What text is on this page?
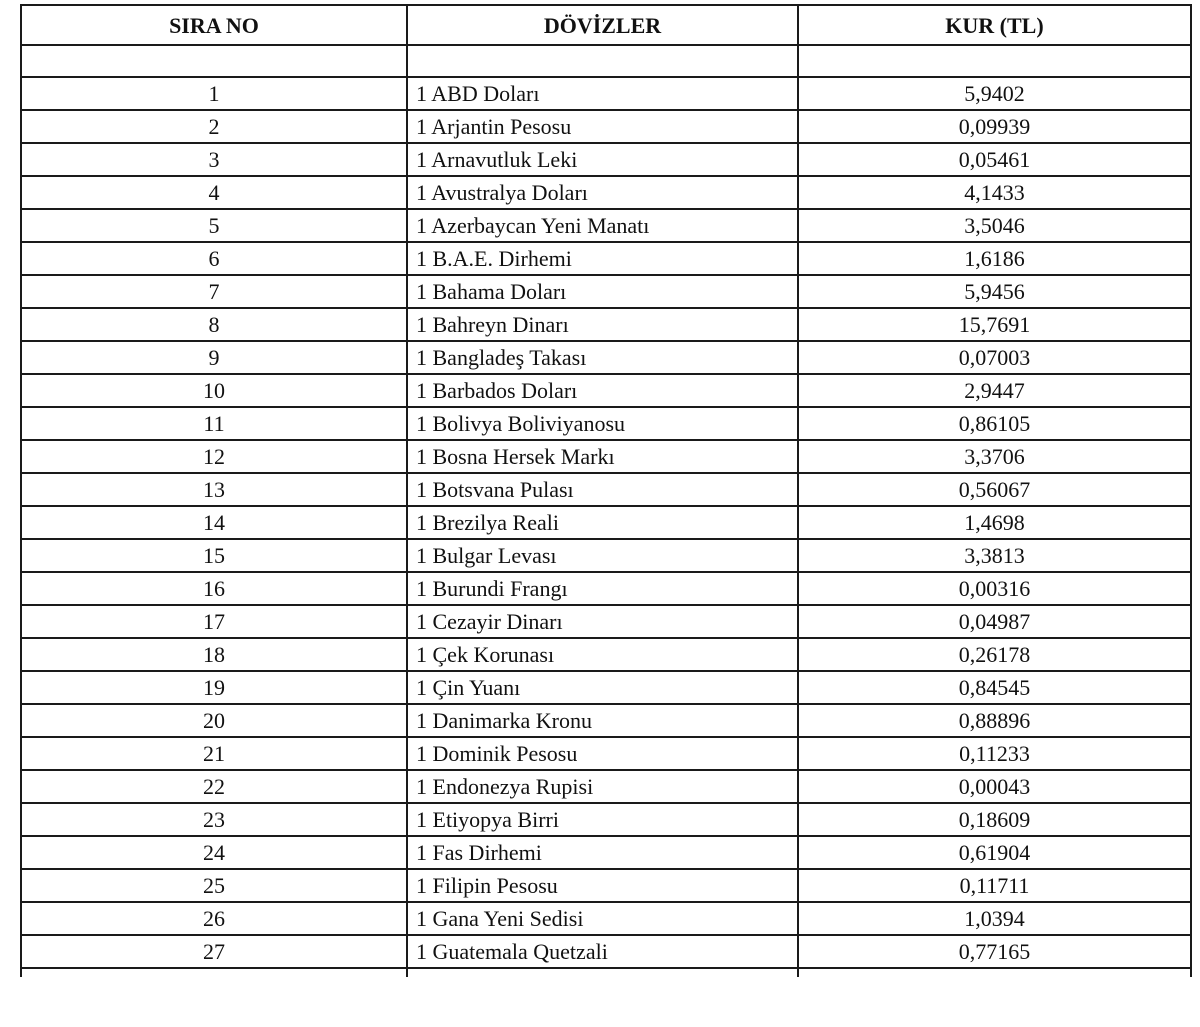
SIRA NO	DÖVİZLER	KUR (TL)

1	1 ABD Doları	5,9402
2	1 Arjantin Pesosu	0,09939
3	1 Arnavutluk Leki	0,05461
4	1 Avustralya Doları	4,1433
5	1 Azerbaycan Yeni Manatı	3,5046
6	1 B.A.E. Dirhemi	1,6186
7	1 Bahama Doları	5,9456
8	1 Bahreyn Dinarı	15,7691
9	1 Bangladeş Takası	0,07003
10	1 Barbados Doları	2,9447
11	1 Bolivya Boliviyanosu	0,86105
12	1 Bosna Hersek Markı	3,3706
13	1 Botsvana Pulası	0,56067
14	1 Brezilya Reali	1,4698
15	1 Bulgar Levası	3,3813
16	1 Burundi Frangı	0,00316
17	1 Cezayir Dinarı	0,04987
18	1 Çek Korunası	0,26178
19	1 Çin Yuanı	0,84545
20	1 Danimarka Kronu	0,88896
21	1 Dominik Pesosu	0,11233
22	1 Endonezya Rupisi	0,00043
23	1 Etiyopya Birri	0,18609
24	1 Fas Dirhemi	0,61904
25	1 Filipin Pesosu	0,11711
26	1 Gana Yeni Sedisi	1,0394
27	1 Guatemala Quetzali	0,77165
